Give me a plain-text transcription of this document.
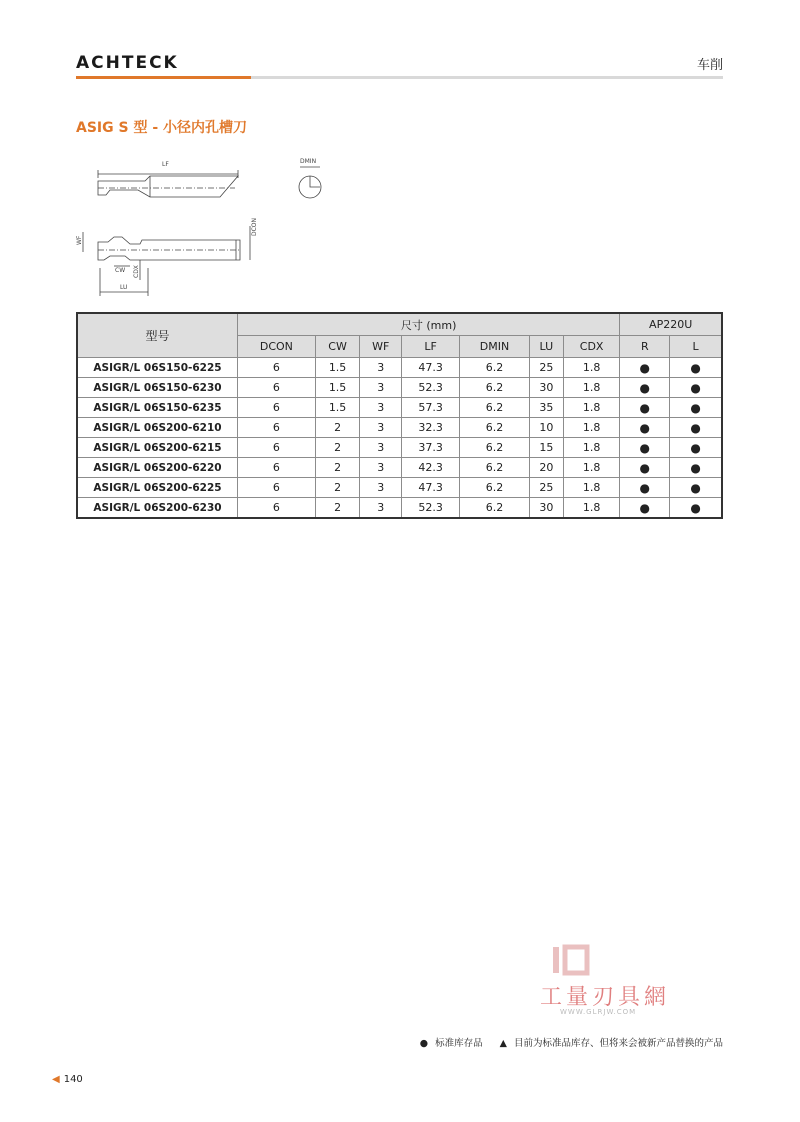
ACHTECK	车削
ASIG S 型 - 小径内孔槽刀
LF	DMIN
WF
DCON
CW CDX
LU
型号	尺寸 (mm)							AP220U	
	DCON	CW	WF	LF	DMIN	LU	CDX	R	L
ASIGR/L 06S150-6225	6	1.5	3	47.3	6.2	25	1.8	●	●
ASIGR/L 06S150-6230	6	1.5	3	52.3	6.2	30	1.8	●	●
ASIGR/L 06S150-6235	6	1.5	3	57.3	6.2	35	1.8	●	●
ASIGR/L 06S200-6210	6	2	3	32.3	6.2	10	1.8	●	●
ASIGR/L 06S200-6215	6	2	3	37.3	6.2	15	1.8	●	●
ASIGR/L 06S200-6220	6	2	3	42.3	6.2	20	1.8	●	●
ASIGR/L 06S200-6225	6	2	3	47.3	6.2	25	1.8	●	●
ASIGR/L 06S200-6230	6	2	3	52.3	6.2	30	1.8	●	●
工量刃具網
WWW.GLRJW.COM
● 标准库存品 ▲ 目前为标准品库存、但将来会被新产品替换的产品
◀ 140
